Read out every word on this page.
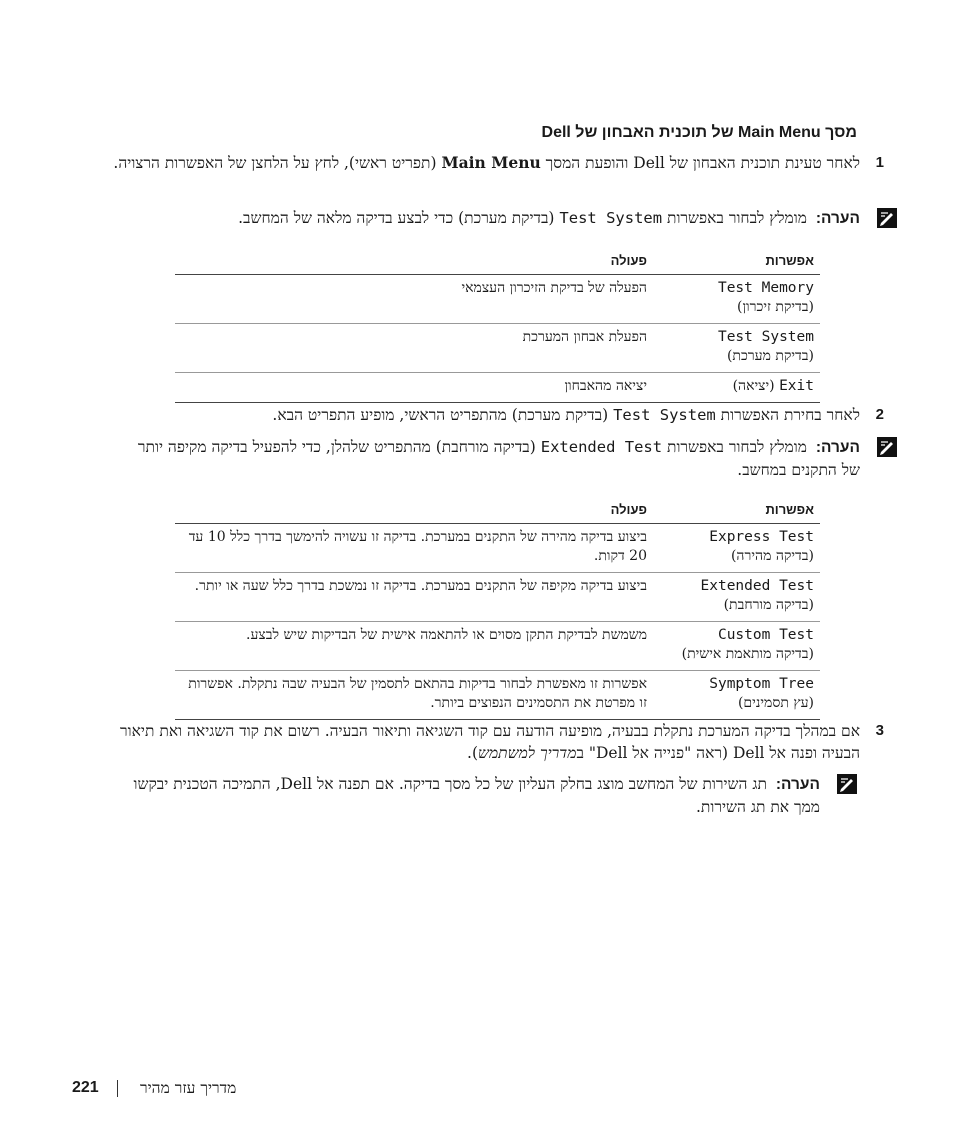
מסך Main Menu של תוכנית האבחון של Dell
1
לאחר טעינת תוכנית האבחון של Dell והופעת המסך Main Menu (תפריט ראשי), לחץ על הלחצן של האפשרות הרצויה.
הערה: מומלץ לבחור באפשרות Test System (בדיקת מערכת) כדי לבצע בדיקה מלאה של המחשב.
אפשרות	פעולה

Test Memory
(בדיקת זיכרון)	הפעלה של בדיקת הזיכרון העצמאי

Test System
(בדיקת מערכת)	הפעלת אבחון המערכת
Exit (יציאה)	יציאה מהאבחון
2
לאחר בחירת האפשרות Test System (בדיקת מערכת) מהתפריט הראשי, מופיע התפריט הבא.
הערה: מומלץ לבחור באפשרות Extended Test (בדיקה מורחבת) מהתפריט שלהלן, כדי להפעיל בדיקה מקיפה יותר של התקנים במחשב.
אפשרות	פעולה

Express Test
(בדיקה מהירה)	ביצוע בדיקה מהירה של התקנים במערכת. בדיקה זו עשויה להימשך בדרך כלל 10 עד 20 דקות.

Extended Test
(בדיקה מורחבת)	ביצוע בדיקה מקיפה של התקנים במערכת. בדיקה זו נמשכת בדרך כלל שעה או יותר.

Custom Test
(בדיקה מותאמת אישית)	משמשת לבדיקת התקן מסוים או להתאמה אישית של הבדיקות שיש לבצע.

Symptom Tree
(עץ תסמינים)	אפשרות זו מאפשרת לבחור בדיקות בהתאם לתסמין של הבעיה שבה נתקלת. אפשרות זו מפרטת את התסמינים הנפוצים ביותר.
3
אם במהלך בדיקה המערכת נתקלת בבעיה, מופיעה הודעה עם קוד השגיאה ותיאור הבעיה. רשום את קוד השגיאה ואת תיאור הבעיה ופנה אל Dell (ראה "פנייה אל Dell" במדריך למשתמש).
הערה: תג השירות של המחשב מוצג בחלק העליון של כל מסך בדיקה. אם תפנה אל Dell, התמיכה הטכנית יבקשו ממך את תג השירות.
221	מדריך עזר מהיר
